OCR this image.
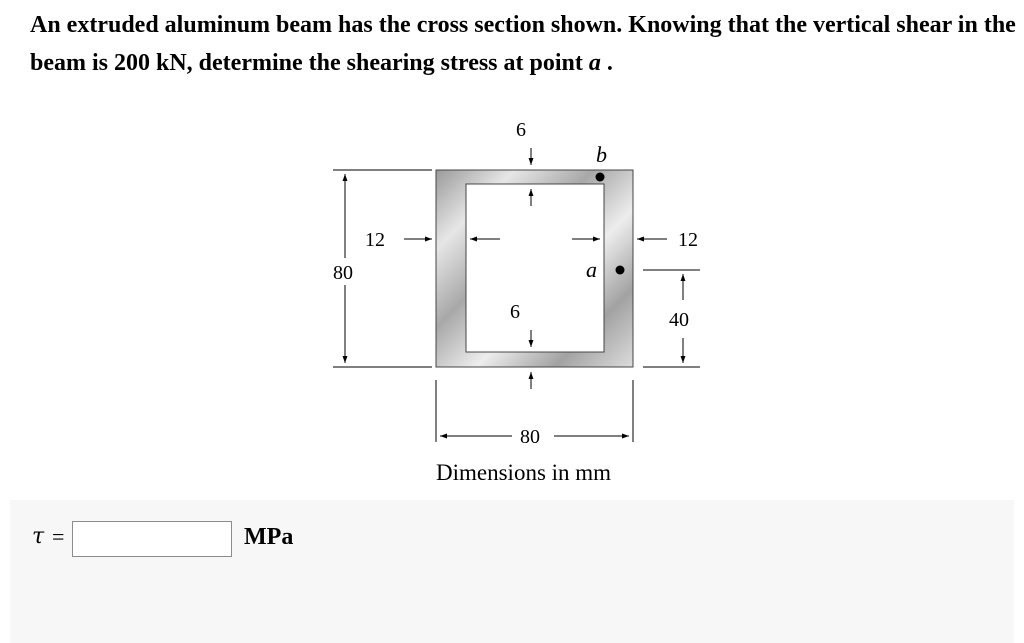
An extruded aluminum beam has the cross section shown. Knowing that the vertical shear in the beam is 200 kN, determine the shearing stress at point a .
6
6
12	12
80
80
40
b
a
Dimensions in mm
τ =	MPa
